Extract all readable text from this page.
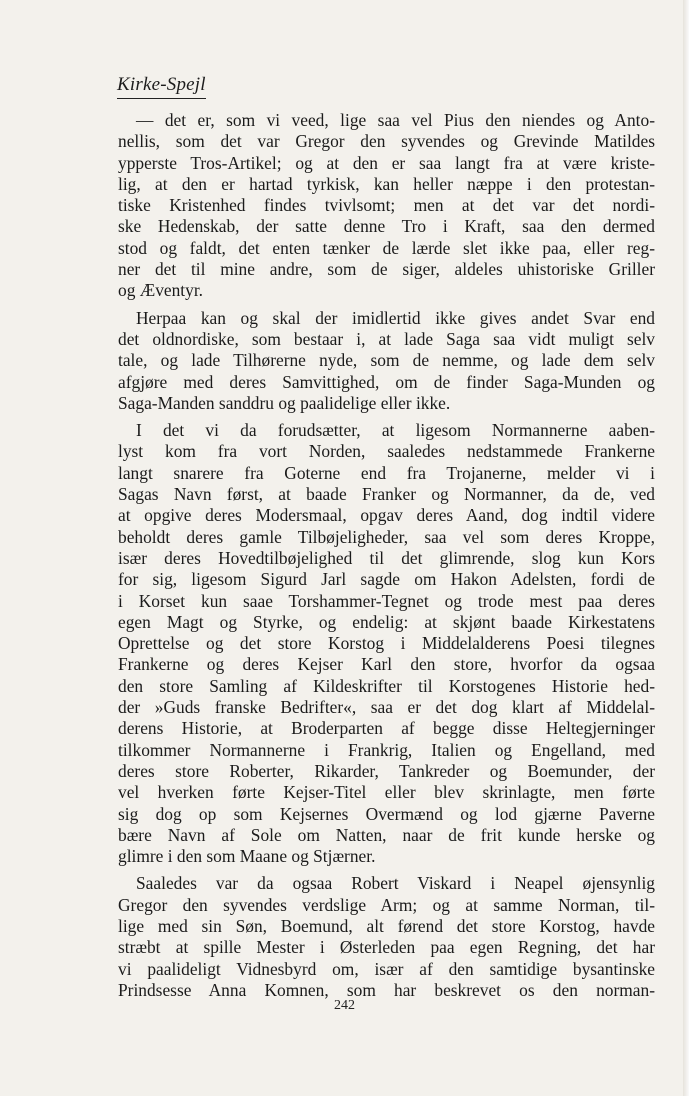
Kirke-Spejl
— det er, som vi veed, lige saa vel Pius den niendes og Anto-
nellis, som det var Gregor den syvendes og Grevinde Matildes
ypperste Tros-Artikel; og at den er saa langt fra at være kriste-
lig, at den er hartad tyrkisk, kan heller næppe i den protestan-
tiske Kristenhed findes tvivlsomt; men at det var det nordi-
ske Hedenskab, der satte denne Tro i Kraft, saa den dermed
stod og faldt, det enten tænker de lærde slet ikke paa, eller reg-
ner det til mine andre, som de siger, aldeles uhistoriske Griller
og Æventyr.
Herpaa kan og skal der imidlertid ikke gives andet Svar end
det oldnordiske, som bestaar i, at lade Saga saa vidt muligt selv
tale, og lade Tilhørerne nyde, som de nemme, og lade dem selv
afgjøre med deres Samvittighed, om de finder Saga-Munden og
Saga-Manden sanddru og paalidelige eller ikke.
I det vi da forudsætter, at ligesom Normannerne aaben-
lyst kom fra vort Norden, saaledes nedstammede Frankerne
langt snarere fra Goterne end fra Trojanerne, melder vi i
Sagas Navn først, at baade Franker og Normanner, da de, ved
at opgive deres Modersmaal, opgav deres Aand, dog indtil videre
beholdt deres gamle Tilbøjeligheder, saa vel som deres Kroppe,
især deres Hovedtilbøjelighed til det glimrende, slog kun Kors
for sig, ligesom Sigurd Jarl sagde om Hakon Adelsten, fordi de
i Korset kun saae Torshammer-Tegnet og trode mest paa deres
egen Magt og Styrke, og endelig: at skjønt baade Kirkestatens
Oprettelse og det store Korstog i Middelalderens Poesi tilegnes
Frankerne og deres Kejser Karl den store, hvorfor da ogsaa
den store Samling af Kildeskrifter til Korstogenes Historie hed-
der »Guds franske Bedrifter«, saa er det dog klart af Middelal-
derens Historie, at Broderparten af begge disse Heltegjerninger
tilkommer Normannerne i Frankrig, Italien og Engelland, med
deres store Roberter, Rikarder, Tankreder og Boemunder, der
vel hverken førte Kejser-Titel eller blev skrinlagte, men førte
sig dog op som Kejsernes Overmænd og lod gjærne Paverne
bære Navn af Sole om Natten, naar de frit kunde herske og
glimre i den som Maane og Stjærner.
Saaledes var da ogsaa Robert Viskard i Neapel øjensynlig
Gregor den syvendes verdslige Arm; og at samme Norman, til-
lige med sin Søn, Boemund, alt førend det store Korstog, havde
stræbt at spille Mester i Østerleden paa egen Regning, det har
vi paalideligt Vidnesbyrd om, især af den samtidige bysantinske
Prindsesse Anna Komnen, som har beskrevet os den norman-
242
